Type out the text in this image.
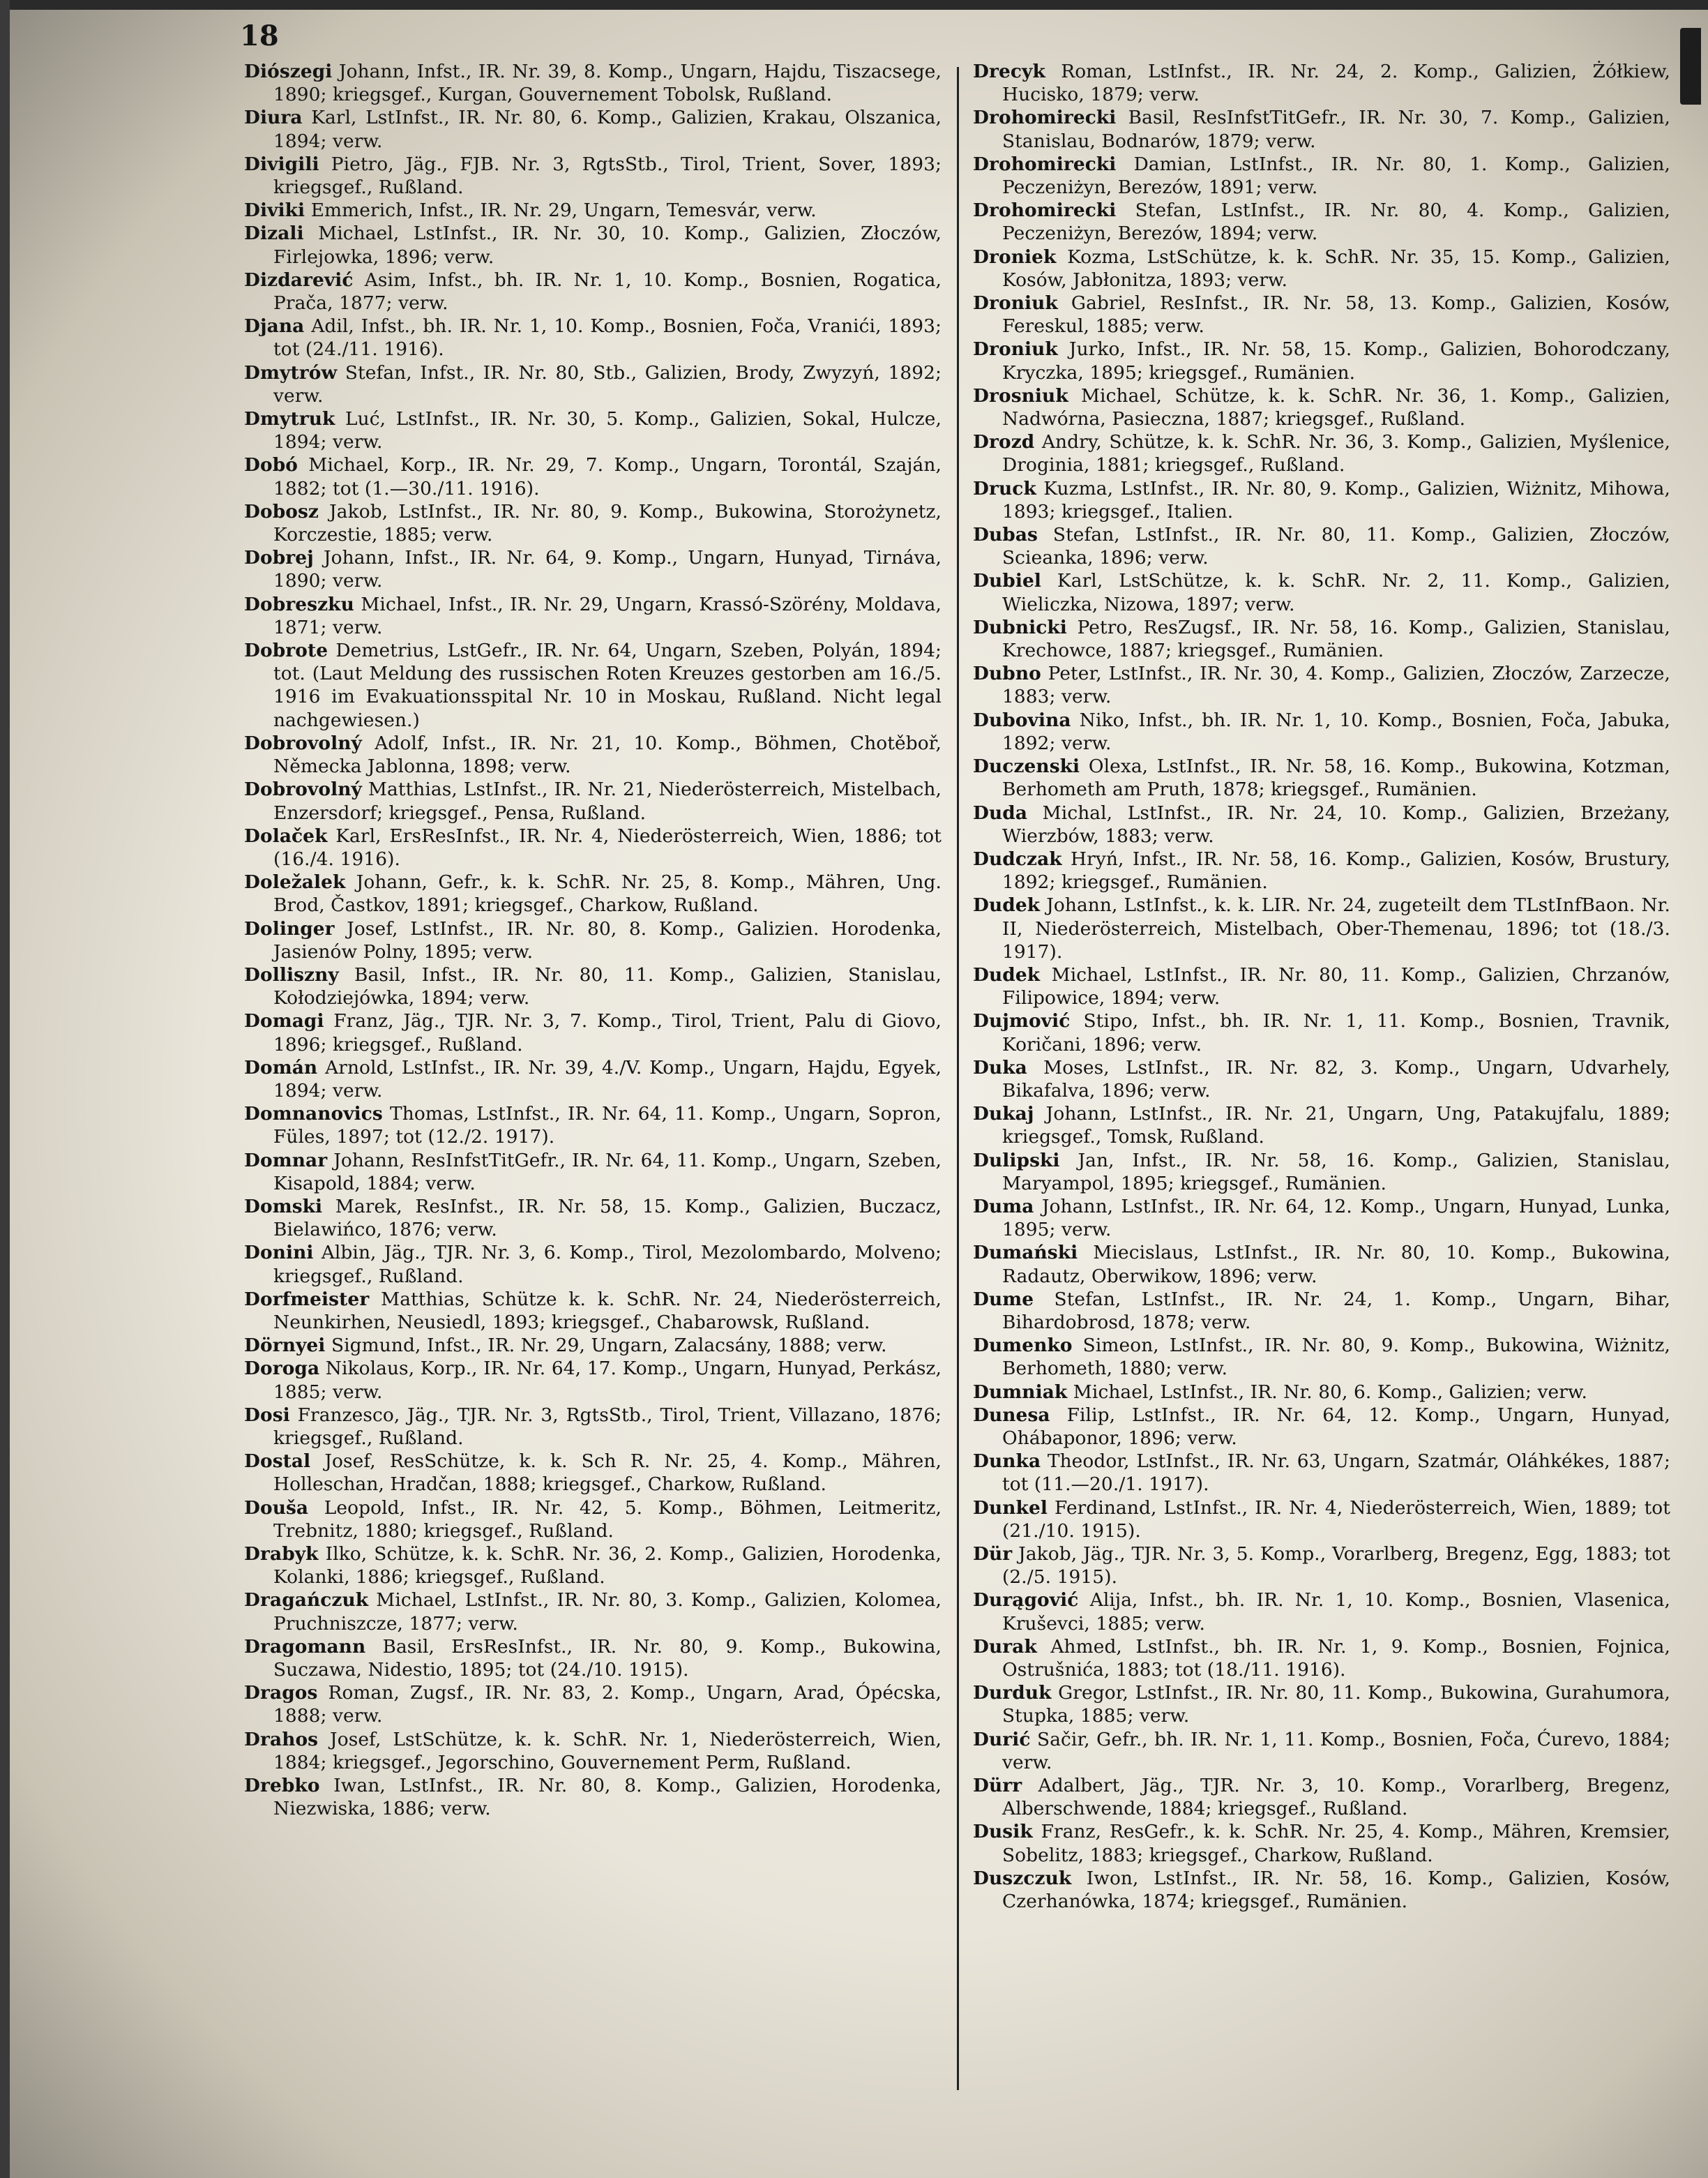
18

Diószegi Johann, Infst., IR. Nr. 39, 8. Komp., Ungarn, Hajdu, Tiszacsege, 1890; kriegsgef., Kurgan, Gouvernement Tobolsk, Rußland.
Diura Karl, LstInfst., IR. Nr. 80, 6. Komp., Galizien, Krakau, Olszanica, 1894; verw.
Divigili Pietro, Jäg., FJB. Nr. 3, RgtsStb., Tirol, Trient, Sover, 1893; kriegsgef., Rußland.
Diviki Emmerich, Infst., IR. Nr. 29, Ungarn, Temesvár, verw.
Dizali Michael, LstInfst., IR. Nr. 30, 10. Komp., Galizien, Złoczów, Firlejowka, 1896; verw.
Dizdarević Asim, Infst., bh. IR. Nr. 1, 10. Komp., Bosnien, Rogatica, Prača, 1877; verw.
Djana Adil, Infst., bh. IR. Nr. 1, 10. Komp., Bosnien, Foča, Vranići, 1893; tot (24./11. 1916).
Dmytrów Stefan, Infst., IR. Nr. 80, Stb., Galizien, Brody, Zwyzyń, 1892; verw.
Dmytruk Luć, LstInfst., IR. Nr. 30, 5. Komp., Galizien, Sokal, Hulcze, 1894; verw.
Dobó Michael, Korp., IR. Nr. 29, 7. Komp., Ungarn, Torontál, Szaján, 1882; tot (1.—30./11. 1916).
Dobosz Jakob, LstInfst., IR. Nr. 80, 9. Komp., Bukowina, Storożynetz, Korczestie, 1885; verw.
Dobrej Johann, Infst., IR. Nr. 64, 9. Komp., Ungarn, Hunyad, Tirnáva, 1890; verw.
Dobreszku Michael, Infst., IR. Nr. 29, Ungarn, Krassó-Szörény, Moldava, 1871; verw.
Dobrote Demetrius, LstGefr., IR. Nr. 64, Ungarn, Szeben, Polyán, 1894; tot. (Laut Meldung des russischen Roten Kreuzes gestorben am 16./5. 1916 im Evakuationsspital Nr. 10 in Moskau, Rußland. Nicht legal nachgewiesen.)
Dobrovolný Adolf, Infst., IR. Nr. 21, 10. Komp., Böhmen, Chotěboř, Německa Jablonna, 1898; verw.
Dobrovolný Matthias, LstInfst., IR. Nr. 21, Niederösterreich, Mistelbach, Enzersdorf; kriegsgef., Pensa, Rußland.
Dolaček Karl, ErsResInfst., IR. Nr. 4, Niederösterreich, Wien, 1886; tot (16./4. 1916).
Doležalek Johann, Gefr., k. k. SchR. Nr. 25, 8. Komp., Mähren, Ung. Brod, Častkov, 1891; kriegsgef., Charkow, Rußland.
Dolinger Josef, LstInfst., IR. Nr. 80, 8. Komp., Galizien. Horodenka, Jasienów Polny, 1895; verw.
Dolliszny Basil, Infst., IR. Nr. 80, 11. Komp., Galizien, Stanislau, Kołodziejówka, 1894; verw.
Domagi Franz, Jäg., TJR. Nr. 3, 7. Komp., Tirol, Trient, Palu di Giovo, 1896; kriegsgef., Rußland.
Domán Arnold, LstInfst., IR. Nr. 39, 4./V. Komp., Ungarn, Hajdu, Egyek, 1894; verw.
Domnanovics Thomas, LstInfst., IR. Nr. 64, 11. Komp., Ungarn, Sopron, Füles, 1897; tot (12./2. 1917).
Domnar Johann, ResInfstTitGefr., IR. Nr. 64, 11. Komp., Ungarn, Szeben, Kisapold, 1884; verw.
Domski Marek, ResInfst., IR. Nr. 58, 15. Komp., Galizien, Buczacz, Bielawińco, 1876; verw.
Donini Albin, Jäg., TJR. Nr. 3, 6. Komp., Tirol, Mezolombardo, Molveno; kriegsgef., Rußland.
Dorfmeister Matthias, Schütze k. k. SchR. Nr. 24, Niederösterreich, Neunkirhen, Neusiedl, 1893; kriegsgef., Chabarowsk, Rußland.
Dörnyei Sigmund, Infst., IR. Nr. 29, Ungarn, Zalacsány, 1888; verw.
Doroga Nikolaus, Korp., IR. Nr. 64, 17. Komp., Ungarn, Hunyad, Perkász, 1885; verw.
Dosi Franzesco, Jäg., TJR. Nr. 3, RgtsStb., Tirol, Trient, Villazano, 1876; kriegsgef., Rußland.
Dostal Josef, ResSchütze, k. k. Sch R. Nr. 25, 4. Komp., Mähren, Holleschan, Hradčan, 1888; kriegsgef., Charkow, Rußland.
Douša Leopold, Infst., IR. Nr. 42, 5. Komp., Böhmen, Leitmeritz, Trebnitz, 1880; kriegsgef., Rußland.
Drabyk Ilko, Schütze, k. k. SchR. Nr. 36, 2. Komp., Galizien, Horodenka, Kolanki, 1886; kriegsgef., Rußland.
Dragańczuk Michael, LstInfst., IR. Nr. 80, 3. Komp., Galizien, Kolomea, Pruchniszcze, 1877; verw.
Dragomann Basil, ErsResInfst., IR. Nr. 80, 9. Komp., Bukowina, Suczawa, Nidestio, 1895; tot (24./10. 1915).
Dragos Roman, Zugsf., IR. Nr. 83, 2. Komp., Ungarn, Arad, Ópécska, 1888; verw.
Drahos Josef, LstSchütze, k. k. SchR. Nr. 1, Niederösterreich, Wien, 1884; kriegsgef., Jegorschino, Gouvernement Perm, Rußland.
Drebko Iwan, LstInfst., IR. Nr. 80, 8. Komp., Galizien, Horodenka, Niezwiska, 1886; verw.
Drecyk Roman, LstInfst., IR. Nr. 24, 2. Komp., Galizien, Żółkiew, Hucisko, 1879; verw.
Drohomirecki Basil, ResInfstTitGefr., IR. Nr. 30, 7. Komp., Galizien, Stanislau, Bodnarów, 1879; verw.
Drohomirecki Damian, LstInfst., IR. Nr. 80, 1. Komp., Galizien, Peczeniżyn, Berezów, 1891; verw.
Drohomirecki Stefan, LstInfst., IR. Nr. 80, 4. Komp., Galizien, Peczeniżyn, Berezów, 1894; verw.
Droniek Kozma, LstSchütze, k. k. SchR. Nr. 35, 15. Komp., Galizien, Kosów, Jabłonitza, 1893; verw.
Droniuk Gabriel, ResInfst., IR. Nr. 58, 13. Komp., Galizien, Kosów, Fereskul, 1885; verw.
Droniuk Jurko, Infst., IR. Nr. 58, 15. Komp., Galizien, Bohorodczany, Kryczka, 1895; kriegsgef., Rumänien.
Drosniuk Michael, Schütze, k. k. SchR. Nr. 36, 1. Komp., Galizien, Nadwórna, Pasieczna, 1887; kriegsgef., Rußland.
Drozd Andry, Schütze, k. k. SchR. Nr. 36, 3. Komp., Galizien, Myślenice, Droginia, 1881; kriegsgef., Rußland.
Druck Kuzma, LstInfst., IR. Nr. 80, 9. Komp., Galizien, Wiżnitz, Mihowa, 1893; kriegsgef., Italien.
Dubas Stefan, LstInfst., IR. Nr. 80, 11. Komp., Galizien, Złoczów, Scieanka, 1896; verw.
Dubiel Karl, LstSchütze, k. k. SchR. Nr. 2, 11. Komp., Galizien, Wieliczka, Nizowa, 1897; verw.
Dubnicki Petro, ResZugsf., IR. Nr. 58, 16. Komp., Galizien, Stanislau, Krechowce, 1887; kriegsgef., Rumänien.
Dubno Peter, LstInfst., IR. Nr. 30, 4. Komp., Galizien, Złoczów, Zarzecze, 1883; verw.
Dubovina Niko, Infst., bh. IR. Nr. 1, 10. Komp., Bosnien, Foča, Jabuka, 1892; verw.
Duczenski Olexa, LstInfst., IR. Nr. 58, 16. Komp., Bukowina, Kotzman, Berhometh am Pruth, 1878; kriegsgef., Rumänien.
Duda Michal, LstInfst., IR. Nr. 24, 10. Komp., Galizien, Brzeżany, Wierzbów, 1883; verw.
Dudczak Hryń, Infst., IR. Nr. 58, 16. Komp., Galizien, Kosów, Brustury, 1892; kriegsgef., Rumänien.
Dudek Johann, LstInfst., k. k. LIR. Nr. 24, zugeteilt dem TLstInfBaon. Nr. II, Niederösterreich, Mistelbach, Ober-Themenau, 1896; tot (18./3. 1917).
Dudek Michael, LstInfst., IR. Nr. 80, 11. Komp., Galizien, Chrzanów, Filipowice, 1894; verw.
Dujmović Stipo, Infst., bh. IR. Nr. 1, 11. Komp., Bosnien, Travnik, Koričani, 1896; verw.
Duka Moses, LstInfst., IR. Nr. 82, 3. Komp., Ungarn, Udvarhely, Bikafalva, 1896; verw.
Dukaj Johann, LstInfst., IR. Nr. 21, Ungarn, Ung, Patakujfalu, 1889; kriegsgef., Tomsk, Rußland.
Dulipski Jan, Infst., IR. Nr. 58, 16. Komp., Galizien, Stanislau, Maryampol, 1895; kriegsgef., Rumänien.
Duma Johann, LstInfst., IR. Nr. 64, 12. Komp., Ungarn, Hunyad, Lunka, 1895; verw.
Dumański Miecislaus, LstInfst., IR. Nr. 80, 10. Komp., Bukowina, Radautz, Oberwikow, 1896; verw.
Dume Stefan, LstInfst., IR. Nr. 24, 1. Komp., Ungarn, Bihar, Bihardobrosd, 1878; verw.
Dumenko Simeon, LstInfst., IR. Nr. 80, 9. Komp., Bukowina, Wiżnitz, Berhometh, 1880; verw.
Dumniak Michael, LstInfst., IR. Nr. 80, 6. Komp., Galizien; verw.
Dunesa Filip, LstInfst., IR. Nr. 64, 12. Komp., Ungarn, Hunyad, Ohábaponor, 1896; verw.
Dunka Theodor, LstInfst., IR. Nr. 63, Ungarn, Szatmár, Oláhkékes, 1887; tot (11.—20./1. 1917).
Dunkel Ferdinand, LstInfst., IR. Nr. 4, Niederösterreich, Wien, 1889; tot (21./10. 1915).
Dür Jakob, Jäg., TJR. Nr. 3, 5. Komp., Vorarlberg, Bregenz, Egg, 1883; tot (2./5. 1915).
Durągović Alija, Infst., bh. IR. Nr. 1, 10. Komp., Bosnien, Vlasenica, Kruševci, 1885; verw.
Durak Ahmed, LstInfst., bh. IR. Nr. 1, 9. Komp., Bosnien, Fojnica, Ostrušnića, 1883; tot (18./11. 1916).
Durduk Gregor, LstInfst., IR. Nr. 80, 11. Komp., Bukowina, Gurahumora, Stupka, 1885; verw.
Durić Sačir, Gefr., bh. IR. Nr. 1, 11. Komp., Bosnien, Foča, Ćurevo, 1884; verw.
Dürr Adalbert, Jäg., TJR. Nr. 3, 10. Komp., Vorarlberg, Bregenz, Alberschwende, 1884; kriegsgef., Rußland.
Dusik Franz, ResGefr., k. k. SchR. Nr. 25, 4. Komp., Mähren, Kremsier, Sobelitz, 1883; kriegsgef., Charkow, Rußland.
Duszczuk Iwon, LstInfst., IR. Nr. 58, 16. Komp., Galizien, Kosów, Czerhanówka, 1874; kriegsgef., Rumänien.
